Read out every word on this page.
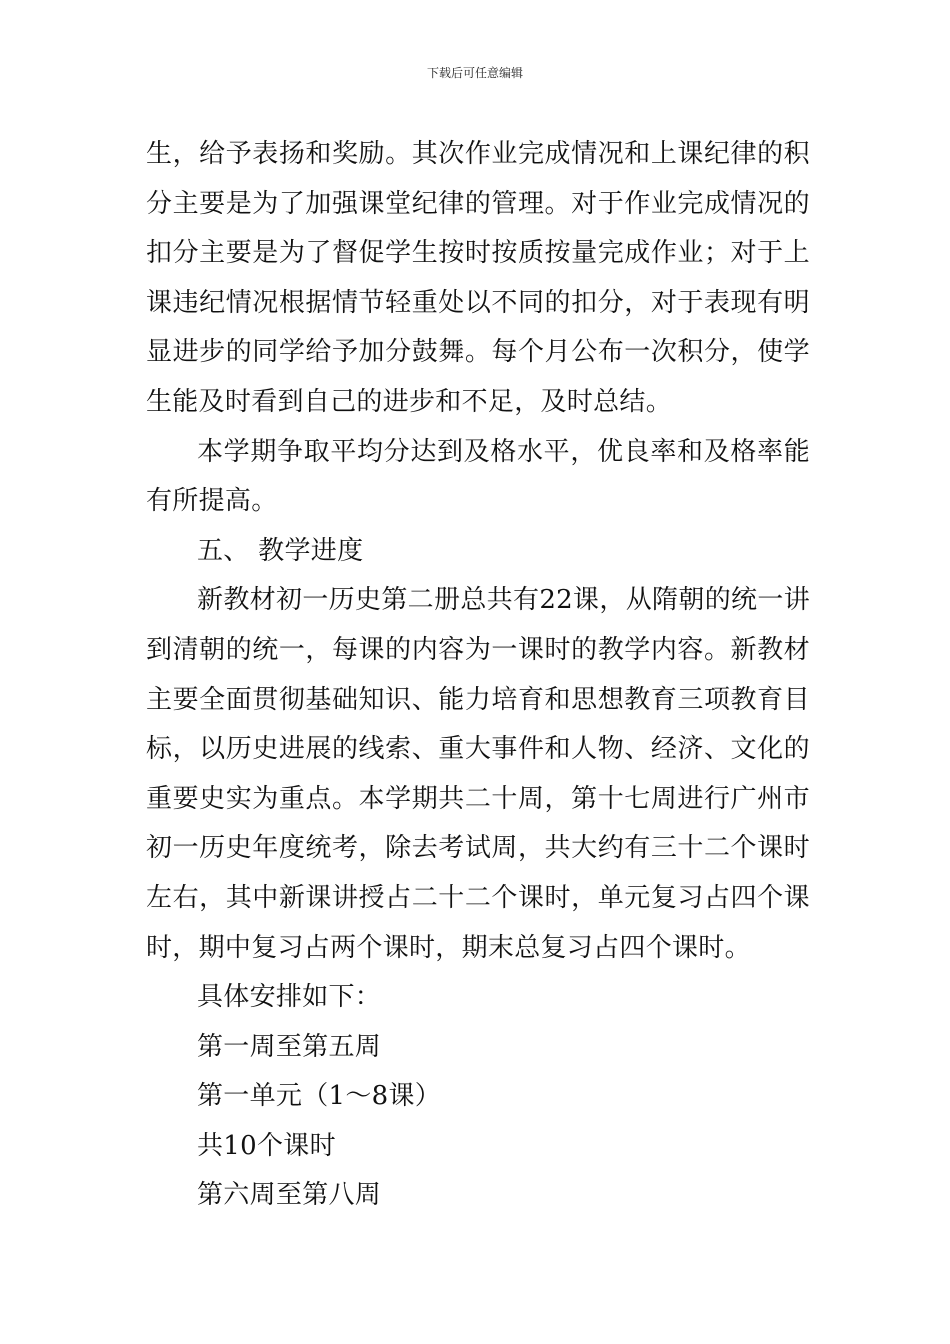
下载后可任意编辑
生，给予表扬和奖励。其次作业完成情况和上课纪律的积
分主要是为了加强课堂纪律的管理。对于作业完成情况的
扣分主要是为了督促学生按时按质按量完成作业；对于上
课违纪情况根据情节轻重处以不同的扣分，对于表现有明
显进步的同学给予加分鼓舞。每个月公布一次积分，使学
生能及时看到自己的进步和不足，及时总结。
本学期争取平均分达到及格水平，优良率和及格率能
有所提高。
五、 教学进度
新教材初一历史第二册总共有22课，从隋朝的统一讲
到清朝的统一，每课的内容为一课时的教学内容。新教材
主要全面贯彻基础知识、能力培育和思想教育三项教育目
标，以历史进展的线索、重大事件和人物、经济、文化的
重要史实为重点。本学期共二十周，第十七周进行广州市
初一历史年度统考，除去考试周，共大约有三十二个课时
左右，其中新课讲授占二十二个课时，单元复习占四个课
时，期中复习占两个课时，期末总复习占四个课时。
具体安排如下：
第一周至第五周
第一单元（1～8课）
共10个课时
第六周至第八周
